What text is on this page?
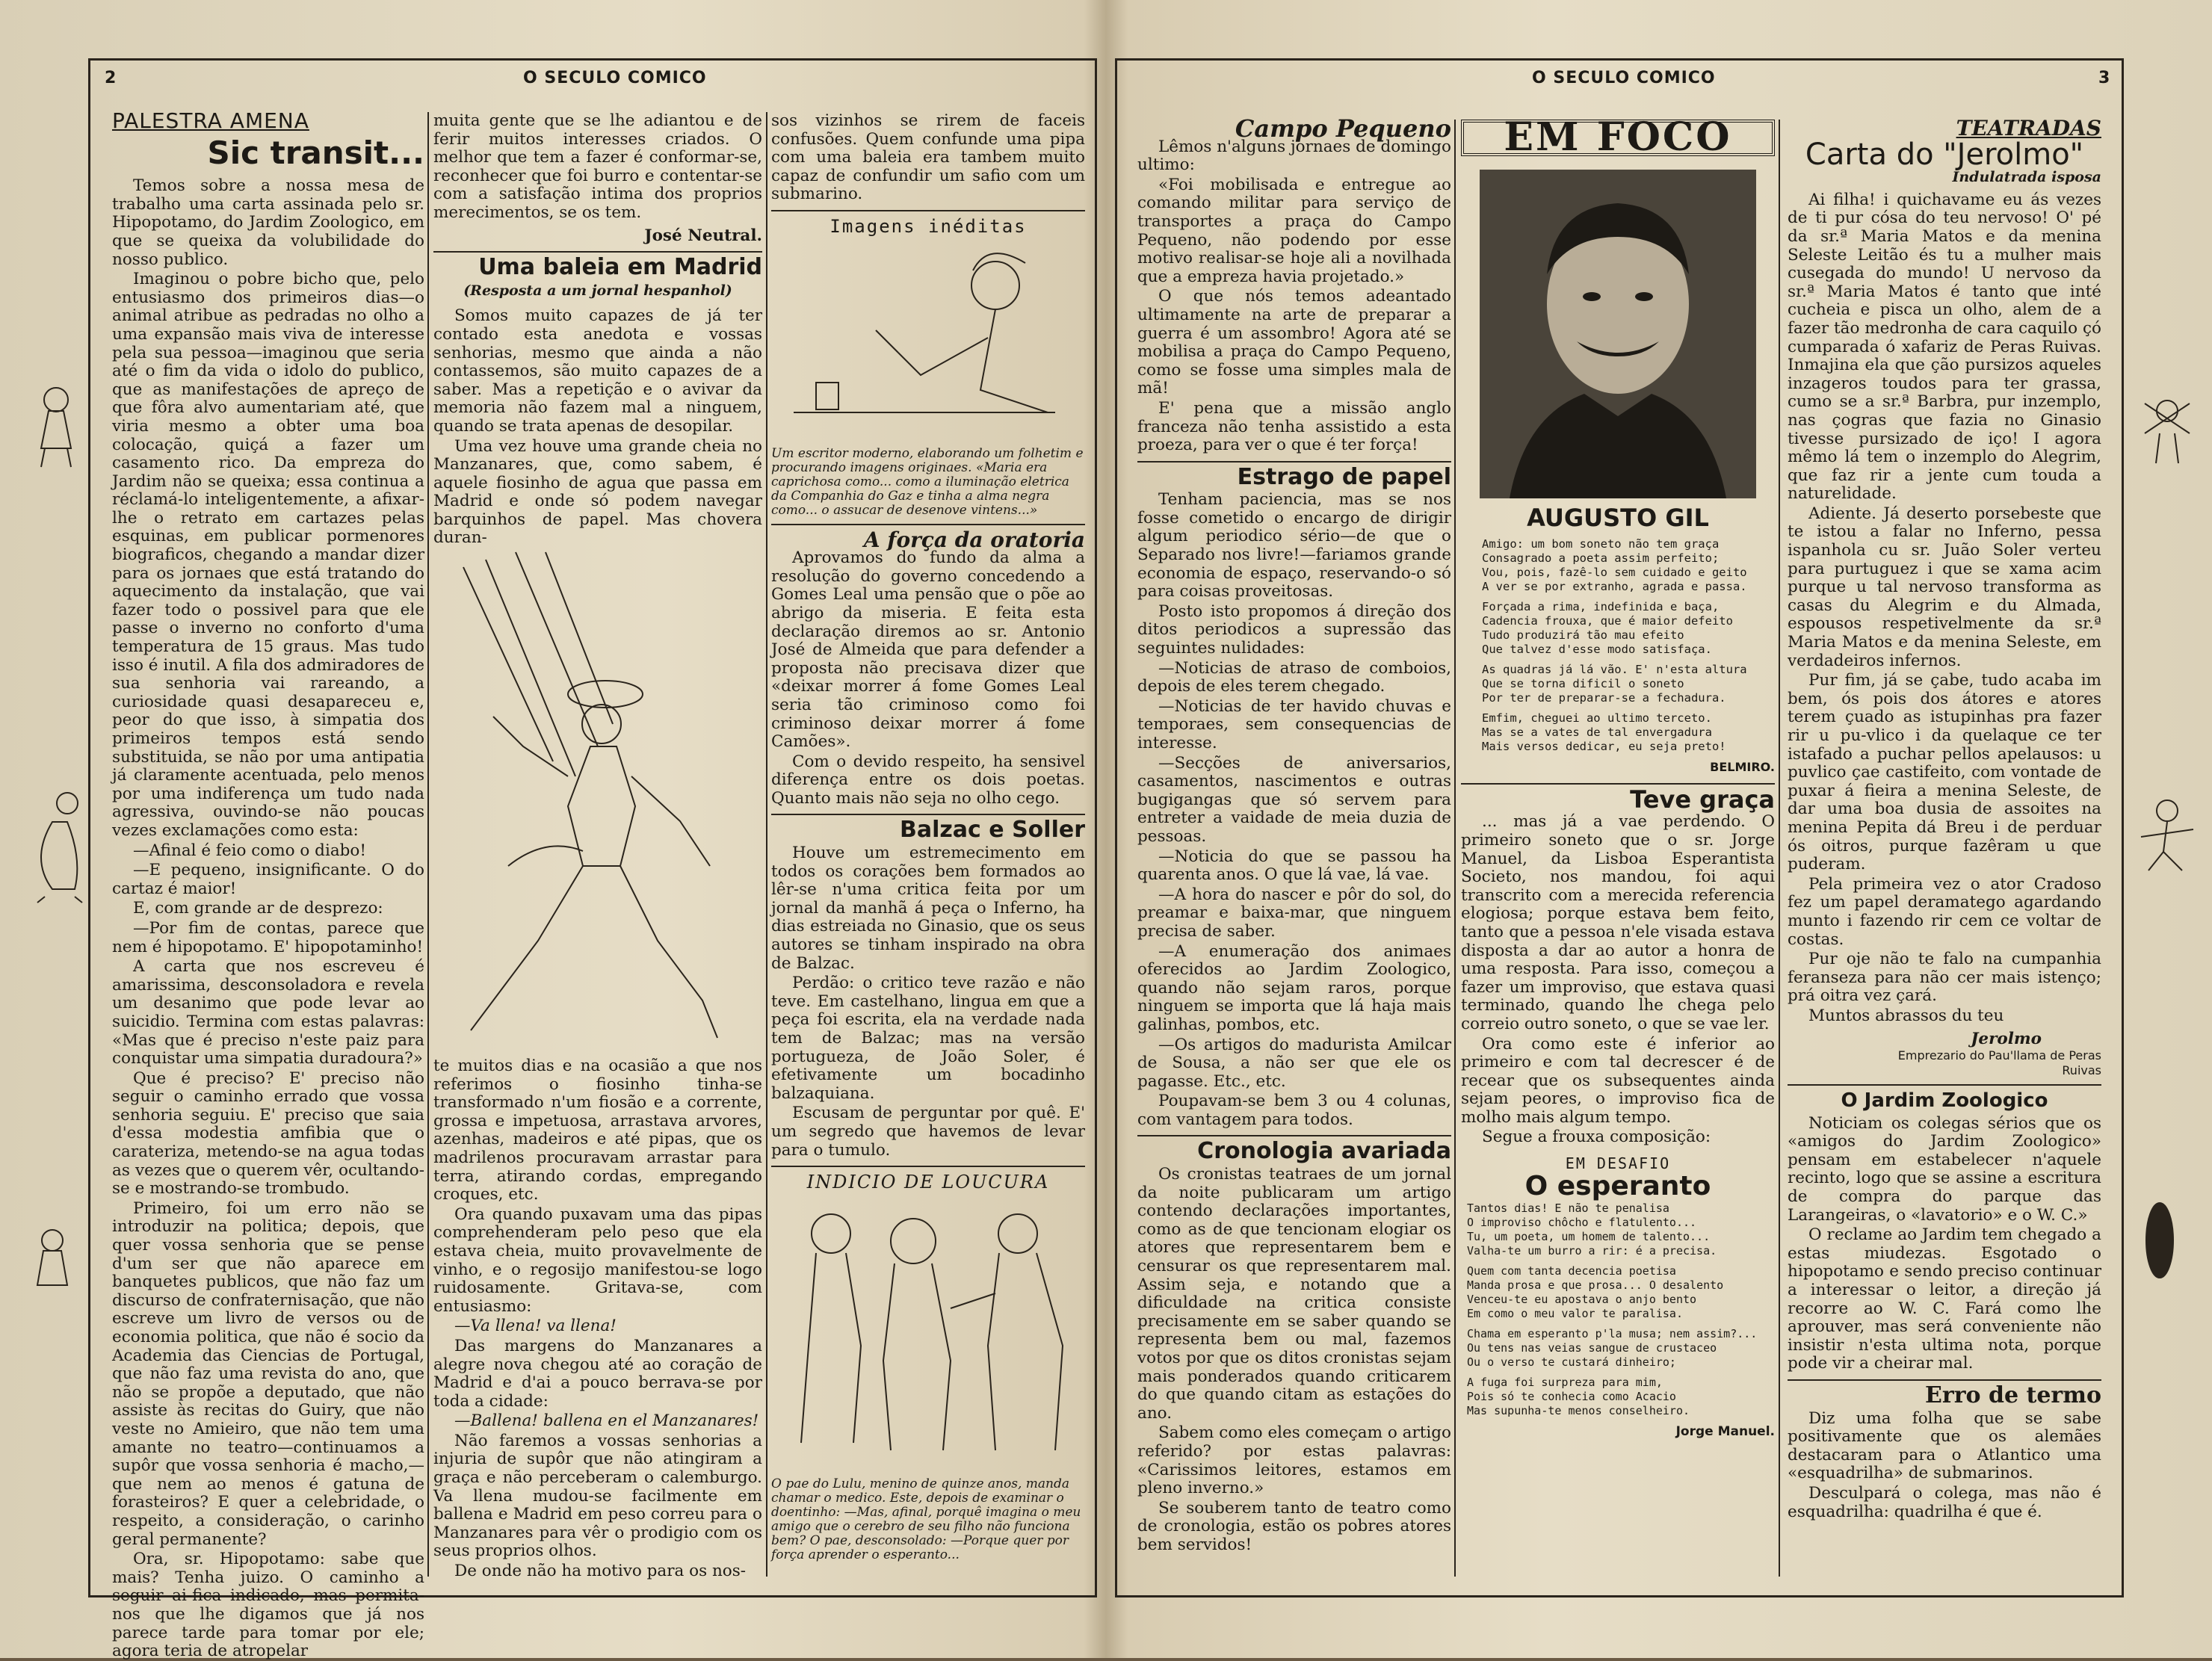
2	O SECULO COMICO
PALESTRA AMENA
Sic transit...

Temos sobre a nossa mesa de trabalho uma carta assinada pelo sr. Hipopotamo, do Jardim Zoologico, em que se queixa da volubilidade do nosso publico.

Imaginou o pobre bicho que, pelo entusiasmo dos primeiros dias—o animal atribue as pedradas no olho a uma expansão mais viva de interesse pela sua pessoa—imaginou que seria até o fim da vida o idolo do publico, que as manifestações de apreço de que fôra alvo aumentariam até, que viria mesmo a obter uma boa colocação, quiçá a fazer um casamento rico. Da empreza do Jardim não se queixa; essa continua a réclamá-lo inteligentemente, a afixar-lhe o retrato em cartazes pelas esquinas, em publicar pormenores biograficos, chegando a mandar dizer para os jornaes que está tratando do aquecimento da instalação, que vai fazer todo o possivel para que ele passe o inverno no conforto d'uma temperatura de 15 graus. Mas tudo isso é inutil. A fila dos admiradores de sua senhoria vai rareando, a curiosidade quasi desapareceu e, peor do que isso, à simpatia dos primeiros tempos está sendo substituida, se não por uma antipatia já claramente acentuada, pelo menos por uma indiferença um tudo nada agressiva, ouvindo-se não poucas vezes exclamações como esta:

—Afinal é feio como o diabo!

—E pequeno, insignificante. O do cartaz é maior!

E, com grande ar de desprezo:

—Por fim de contas, parece que nem é hipopotamo. E' hipopotaminho!

A carta que nos escreveu é amarissima, desconsoladora e revela um desanimo que pode levar ao suicidio. Termina com estas palavras: «Mas que é preciso n'este paiz para conquistar uma simpatia duradoura?»

Que é preciso? E' preciso não seguir o caminho errado que vossa senhoria seguiu. E' preciso que saia d'essa modestia amfibia que o carateriza, metendo-se na agua todas as vezes que o querem vêr, ocultando-se e mostrando-se trombudo.

Primeiro, foi um erro não se introduzir na politica; depois, que quer vossa senhoria que se pense d'um ser que não aparece em banquetes publicos, que não faz um discurso de confraternisação, que não escreve um livro de versos ou de economia politica, que não é socio da Academia das Ciencias de Portugal, que não faz uma revista do ano, que não se propõe a deputado, que não assiste às recitas do Guiry, que não veste no Amieiro, que não tem uma amante no teatro—continuamos a supôr que vossa senhoria é macho,—que nem ao menos é gatuna de forasteiros? E quer a celebridade, o respeito, a consideração, o carinho geral permanente?

Ora, sr. Hipopotamo: sabe que mais? Tenha juizo. O caminho a seguir ai-fica indicado, mas permita-nos que lhe digamos que já nos parece tarde para tomar por ele; agora teria de atropelar

muita gente que se lhe adiantou e de ferir muitos interesses criados. O melhor que tem a fazer é conformar-se, reconhecer que foi burro e contentar-se com a satisfação intima dos proprios merecimentos, se os tem.

José Neutral.
Uma baleia em Madrid
(Resposta a um jornal hespanhol)

Somos muito capazes de já ter contado esta anedota e vossas senhorias, mesmo que ainda a não contassemos, são muito capazes de a saber. Mas a repetição e o avivar da memoria não fazem mal a ninguem, quando se trata apenas de desopilar.

Uma vez houve uma grande cheia no Manzanares, que, como sabem, é aquele fiosinho de agua que passa em Madrid e onde só podem navegar barquinhos de papel. Mas chovera duran-

te muitos dias e na ocasião a que nos referimos o fiosinho tinha-se transformado n'um fiosão e a corrente, grossa e impetuosa, arrastava arvores, azenhas, madeiros e até pipas, que os madrilenos procuravam arrastar para terra, atirando cordas, empregando croques, etc.

Ora quando puxavam uma das pipas comprehenderam pelo peso que ela estava cheia, muito provavelmente de vinho, e o regosijo manifestou-se logo ruidosamente. Gritava-se, com entusiasmo:

—Va llena! va llena!

Das margens do Manzanares a alegre nova chegou até ao coração de Madrid e d'ai a pouco berrava-se por toda a cidade:

—Ballena! ballena en el Manzanares!

Não faremos a vossas senhorias a injuria de supôr que não atingiram a graça e não perceberam o calemburgo. Va llena mudou-se facilmente em ballena e Madrid em peso correu para o Manzanares para vêr o prodigio com os seus proprios olhos.

De onde não ha motivo para os nos-

sos vizinhos se rirem de faceis confusões. Quem confunde uma pipa com uma baleia era tambem muito capaz de confundir um safio com um submarino.

Imagens inéditas
Um escritor moderno, elaborando um folhetim e procurando imagens originaes. «Maria era caprichosa como... como a iluminação eletrica da Companhia do Gaz e tinha a alma negra como... o assucar de desenove vintens...»
A força da oratoria

Aprovamos do fundo da alma a resolução do governo concedendo a Gomes Leal uma pensão que o põe ao abrigo da miseria. E feita esta declaração diremos ao sr. Antonio José de Almeida que para defender a proposta não precisava dizer que «deixar morrer á fome Gomes Leal seria tão criminoso como foi criminoso deixar morrer á fome Camões».

Com o devido respeito, ha sensivel diferença entre os dois poetas. Quanto mais não seja no olho cego.

Balzac e Soller

Houve um estremecimento em todos os corações bem formados ao lêr-se n'uma critica feita por um jornal da manhã á peça o Inferno, ha dias estreiada no Ginasio, que os seus autores se tinham inspirado na obra de Balzac.

Perdão: o critico teve razão e não teve. Em castelhano, lingua em que a peça foi escrita, ela na verdade nada tem de Balzac; mas na versão portugueza, de João Soler, é efetivamente um bocadinho balzaquiana.

Escusam de perguntar por quê. E' um segredo que havemos de levar para o tumulo.

INDICIO DE LOUCURA
O pae do Lulu, menino de quinze anos, manda chamar o medico. Este, depois de examinar o doentinho: —Mas, afinal, porquê imagina o meu amigo que o cerebro de seu filho não funciona bem? O pae, desconsolado: —Porque quer por força aprender o esperanto...
O SECULO COMICO	3
Campo Pequeno

Lêmos n'alguns jornaes de domingo ultimo:

«Foi mobilisada e entregue ao comando militar para serviço de transportes a praça do Campo Pequeno, não podendo por esse motivo realisar-se hoje ali a novilhada que a empreza havia projetado.»

O que nós temos adeantado ultimamente na arte de preparar a guerra é um assombro! Agora até se mobilisa a praça do Campo Pequeno, como se fosse uma simples mala de mã!

E' pena que a missão anglo franceza não tenha assistido a esta proeza, para ver o que é ter força!

Estrago de papel

Tenham paciencia, mas se nos fosse cometido o encargo de dirigir algum periodico sério—de que o Separado nos livre!—fariamos grande economia de espaço, reservando-o só para coisas proveitosas.

Posto isto propomos á direção dos ditos periodicos a supressão das seguintes nulidades:

—Noticias de atraso de comboios, depois de eles terem chegado.

—Noticias de ter havido chuvas e temporaes, sem consequencias de interesse.

—Secções de aniversarios, casamentos, nascimentos e outras bugigangas que só servem para entreter a vaidade de meia duzia de pessoas.

—Noticia do que se passou ha quarenta anos. O que lá vae, lá vae.

—A hora do nascer e pôr do sol, do preamar e baixa-mar, que ninguem precisa de saber.

—A enumeração dos animaes oferecidos ao Jardim Zoologico, quando não sejam raros, porque ninguem se importa que lá haja mais galinhas, pombos, etc.

—Os artigos do madurista Amilcar de Sousa, a não ser que ele os pagasse. Etc., etc.

Poupavam-se bem 3 ou 4 colunas, com vantagem para todos.

Cronologia avariada

Os cronistas teatraes de um jornal da noite publicaram um artigo contendo declarações importantes, como as de que tencionam elogiar os atores que representarem bem e censurar os que representarem mal. Assim seja, e notando que a dificuldade na critica consiste precisamente em se saber quando se representa bem ou mal, fazemos votos por que os ditos cronistas sejam mais ponderados quando criticarem do que quando citam as estações do ano.

Sabem como eles começam o artigo referido? por estas palavras: «Carissimos leitores, estamos em pleno inverno.»

Se souberem tanto de teatro como de cronologia, estão os pobres atores bem servidos!

EM FOCO
AUGUSTO GIL
Amigo: um bom soneto não tem graça
Consagrado a poeta assim perfeito;
Vou, pois, fazê-lo sem cuidado e geito
A ver se por extranho, agrada e passa.

Forçada a rima, indefinida e baça,
Cadencia frouxa, que é maior defeito
Tudo produzirá tão mau efeito
Que talvez d'esse modo satisfaça.

As quadras já lá vão. E' n'esta altura
Que se torna dificil o soneto
Por ter de preparar-se a fechadura.

Emfim, cheguei ao ultimo terceto.
Mas se a vates de tal envergadura
Mais versos dedicar, eu seja preto!
BELMIRO.
Teve graça

... mas já a vae perdendo. O primeiro soneto que o sr. Jorge Manuel, da Lisboa Esperantista Societo, nos mandou, foi aqui transcrito com a merecida referencia elogiosa; porque estava bem feito, tanto que a pessoa n'ele visada estava disposta a dar ao autor a honra de uma resposta. Para isso, começou a fazer um improviso, que estava quasi terminado, quando lhe chega pelo correio outro soneto, o que se vae ler.

Ora como este é inferior ao primeiro e com tal decrescer é de recear que os subsequentes ainda sejam peores, o improviso fica de molho mais algum tempo.

Segue a frouxa composição:

EM DESAFIO
O esperanto
Tantos dias! E não te penalisa
O improviso chôcho e flatulento...
Tu, um poeta, um homem de talento...
Valha-te um burro a rir: é a precisa.

Quem com tanta decencia poetisa
Manda prosa e que prosa... O desalento
Venceu-te eu apostava o anjo bento
Em como o meu valor te paralisa.

Chama em esperanto p'la musa; nem assim?...
Ou tens nas veias sangue de crustaceo
Ou o verso te custará dinheiro;

A fuga foi surpreza para mim,
Pois só te conhecia como Acacio
Mas supunha-te menos conselheiro.
Jorge Manuel.
TEATRADAS
Carta do "Jerolmo"
Indulatrada isposa

Ai filha! i quichavame eu ás vezes de ti pur cósa do teu nervoso! O' pé da sr.ª Maria Matos e da menina Seleste Leitão és tu a mulher mais cusegada do mundo! U nervoso da sr.ª Maria Matos é tanto que inté cucheia e pisca un olho, alem de a fazer tão medronha de cara caquilo çó cumparada ó xafariz de Peras Ruivas. Inmajina ela que ção pursizos aqueles inzageros toudos para ter grassa, cumo se a sr.ª Barbra, pur inzemplo, nas çogras que fazia no Ginasio tivesse pursizado de iço! I agora mêmo lá tem o inzemplo do Alegrim, que faz rir a jente cum touda a naturelidade.

Adiente. Já deserto porsebeste que te istou a falar no Inferno, pessa ispanhola cu sr. Juão Soler verteu para purtuguez i que se xama acim purque u tal nervoso transforma as casas du Alegrim e du Almada, espousos respetivelmente da sr.ª Maria Matos e da menina Seleste, em verdadeiros infernos.

Pur fim, já se çabe, tudo acaba im bem, ós pois dos átores e atores terem çuado as istupinhas pra fazer rir u pu-vlico i da quelaque ce ter istafado a puchar pellos apelausos: u puvlico çae castifeito, com vontade de puxar á fieira a menina Seleste, de dar uma boa dusia de assoites na menina Pepita dá Breu i de perduar ós oitros, purque fazêram u que puderam.

Pela primeira vez o ator Cradoso fez um papel deramatego agardando munto i fazendo rir cem ce voltar de costas.

Pur oje não te falo na cumpanhia feranseza para não cer mais istenço; prá oitra vez çará.

Muntos abrassos du teu

Jerolmo
Emprezario do Pau'llama de Peras Ruivas
O Jardim Zoologico

Noticiam os colegas sérios que os «amigos do Jardim Zoologico» pensam em estabelecer n'aquele recinto, logo que se assine a escritura de compra do parque das Larangeiras, o «lavatorio» e o W. C.»

O reclame ao Jardim tem chegado a estas miudezas. Esgotado o hipopotamo e sendo preciso continuar a interessar o leitor, a direção já recorre ao W. C. Fará como lhe aprouver, mas será conveniente não insistir n'esta ultima nota, porque pode vir a cheirar mal.

Erro de termo

Diz uma folha que se sabe positivamente que os alemães destacaram para o Atlantico uma «esquadrilha» de submarinos.

Desculpará o colega, mas não é esquadrilha: quadrilha é que é.
